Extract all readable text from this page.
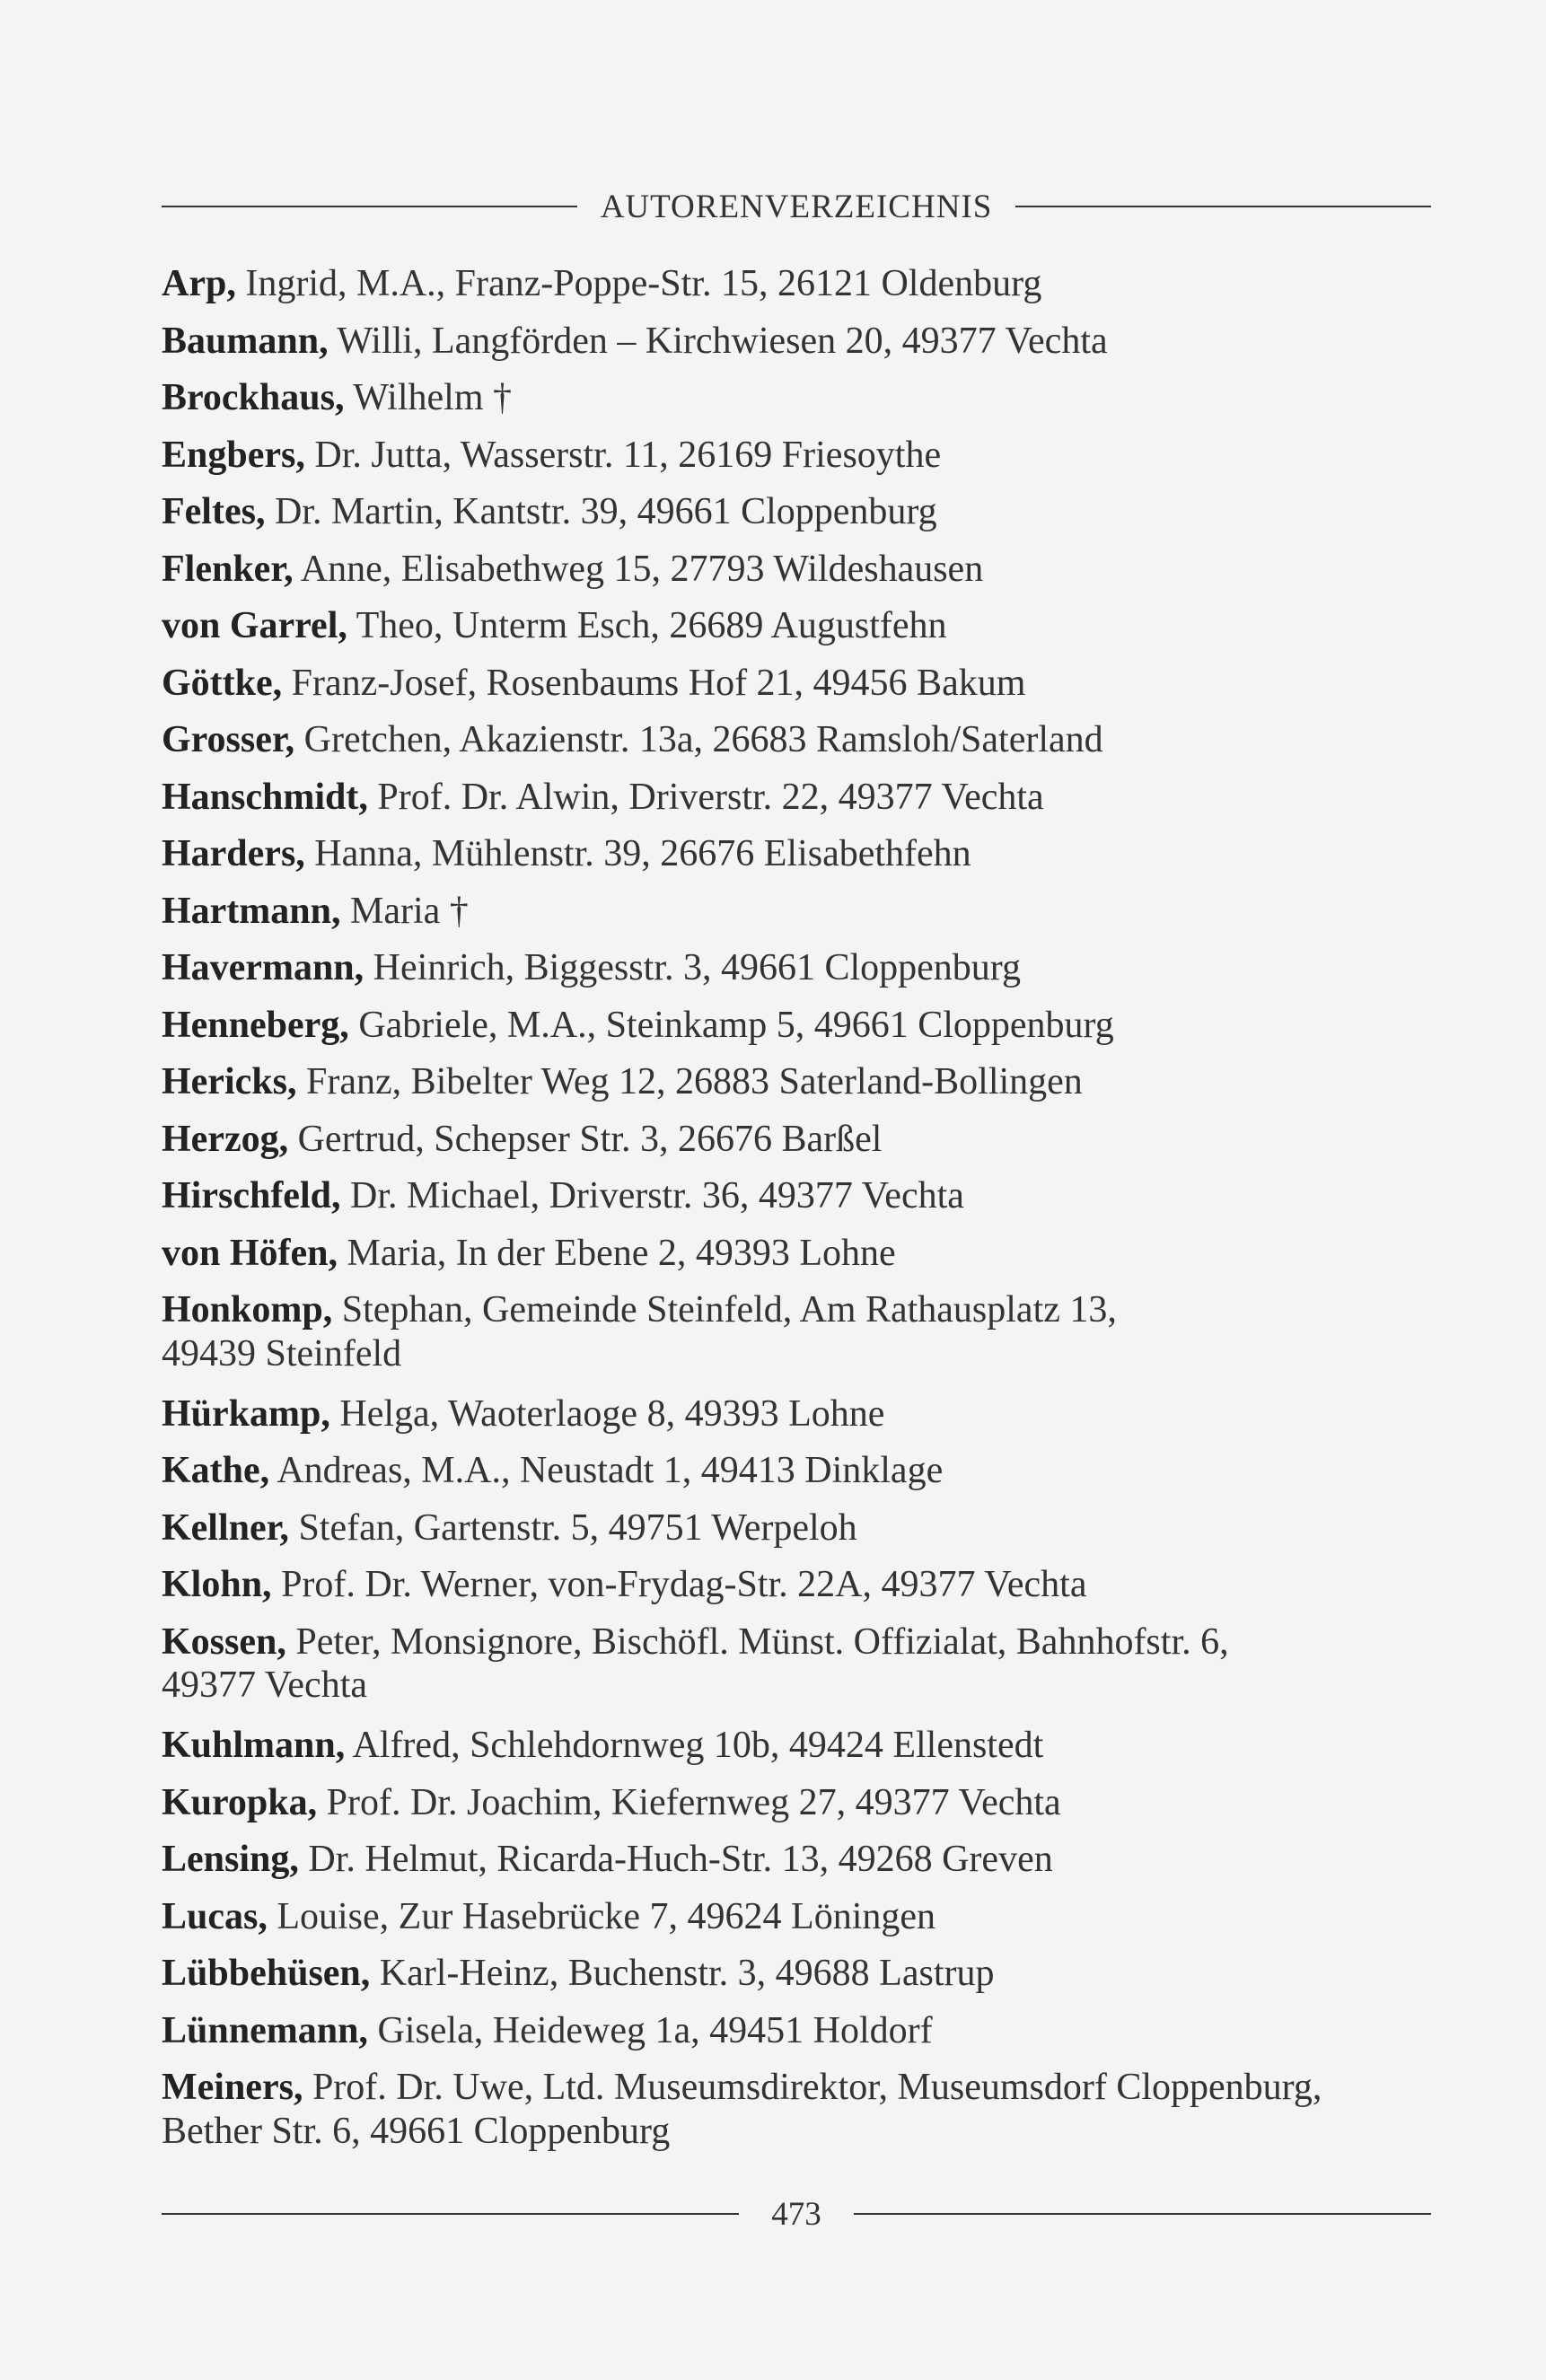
AUTORENVERZEICHNIS
Arp, Ingrid, M.A., Franz-Poppe-Str. 15, 26121 Oldenburg
Baumann, Willi, Langförden – Kirchwiesen 20, 49377 Vechta
Brockhaus, Wilhelm †
Engbers, Dr. Jutta, Wasserstr. 11, 26169 Friesoythe
Feltes, Dr. Martin, Kantstr. 39, 49661 Cloppenburg
Flenker, Anne, Elisabethweg 15, 27793 Wildeshausen
von Garrel, Theo, Unterm Esch, 26689 Augustfehn
Göttke, Franz-Josef, Rosenbaums Hof 21, 49456 Bakum
Grosser, Gretchen, Akazienstr. 13a, 26683 Ramsloh/Saterland
Hanschmidt, Prof. Dr. Alwin, Driverstr. 22, 49377 Vechta
Harders, Hanna, Mühlenstr. 39, 26676 Elisabethfehn
Hartmann, Maria †
Havermann, Heinrich, Biggesstr. 3, 49661 Cloppenburg
Henneberg, Gabriele, M.A., Steinkamp 5, 49661 Cloppenburg
Hericks, Franz, Bibelter Weg 12, 26883 Saterland-Bollingen
Herzog, Gertrud, Schepser Str. 3, 26676 Barßel
Hirschfeld, Dr. Michael, Driverstr. 36, 49377 Vechta
von Höfen, Maria, In der Ebene 2, 49393 Lohne
Honkomp, Stephan, Gemeinde Steinfeld, Am Rathausplatz 13,
49439 Steinfeld
Hürkamp, Helga, Waoterlaoge 8, 49393 Lohne
Kathe, Andreas, M.A., Neustadt 1, 49413 Dinklage
Kellner, Stefan, Gartenstr. 5, 49751 Werpeloh
Klohn, Prof. Dr. Werner, von-Frydag-Str. 22A, 49377 Vechta
Kossen, Peter, Monsignore, Bischöfl. Münst. Offizialat, Bahnhofstr. 6,
49377 Vechta
Kuhlmann, Alfred, Schlehdornweg 10b, 49424 Ellenstedt
Kuropka, Prof. Dr. Joachim, Kiefernweg 27, 49377 Vechta
Lensing, Dr. Helmut, Ricarda-Huch-Str. 13, 49268 Greven
Lucas, Louise, Zur Hasebrücke 7, 49624 Löningen
Lübbehüsen, Karl-Heinz, Buchenstr. 3, 49688 Lastrup
Lünnemann, Gisela, Heideweg 1a, 49451 Holdorf
Meiners, Prof. Dr. Uwe, Ltd. Museumsdirektor, Museumsdorf Cloppenburg,
Bether Str. 6, 49661 Cloppenburg
473
